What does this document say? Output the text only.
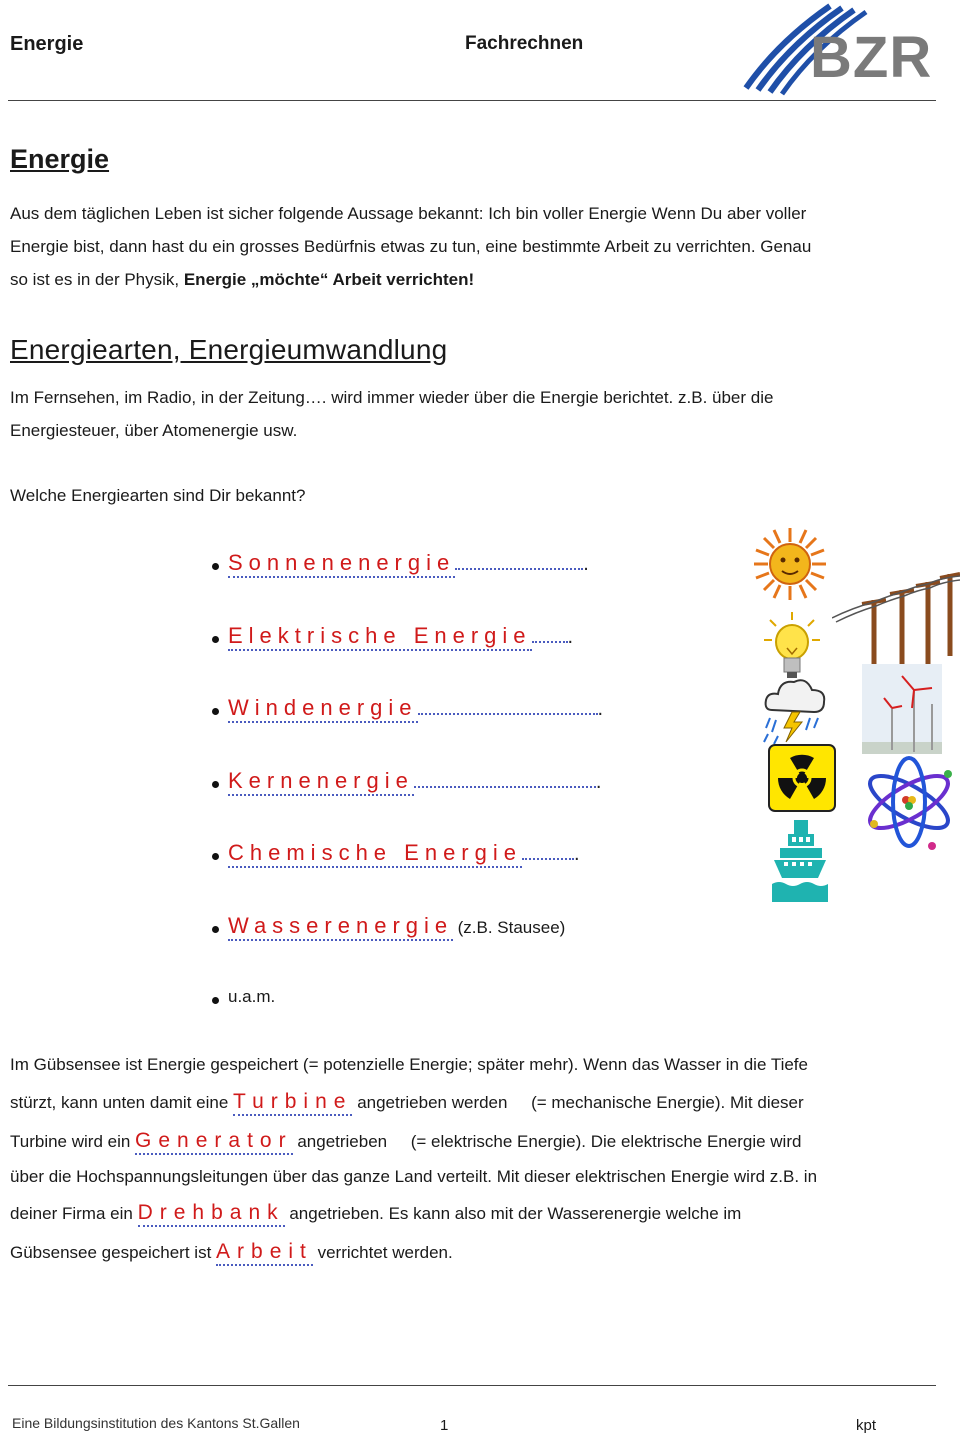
Energie	Fachrechnen	BZR
Energie
Aus dem täglichen Leben ist sicher folgende Aussage bekannt: Ich bin voller Energie Wenn Du aber voller
Energie bist, dann hast du ein grosses Bedürfnis etwas zu tun, eine bestimmte Arbeit zu verrichten. Genau
so ist es in der Physik, Energie „möchte“ Arbeit verrichten!
Energiearten, Energieumwandlung
Im Fernsehen, im Radio, in der Zeitung…. wird immer wieder über die Energie berichtet. z.B. über die
Energiesteuer, über Atomenergie usw.
Welche Energiearten sind Dir bekannt?
Sonnenenergie	.
Elektrische Energie .
Windenergie	.
Kernenergie	.
Chemische Energie	.
Wasserenergie (z.B. Stausee)
u.a.m.
Im Gübsensee ist Energie gespeichert (= potenzielle Energie; später mehr). Wenn das Wasser in die Tiefe
stürzt, kann unten damit eine Turbine angetrieben werden     (= mechanische Energie). Mit dieser
Turbine wird ein Generator angetrieben     (= elektrische Energie). Die elektrische Energie wird
über die Hochspannungsleitungen über das ganze Land verteilt. Mit dieser elektrischen Energie wird z.B. in
deiner Firma ein Drehbank angetrieben. Es kann also mit der Wasserenergie welche im
Gübsensee gespeichert ist Arbeit verrichtet werden.
Eine Bildungsinstitution des Kantons St.Gallen	1	kpt
